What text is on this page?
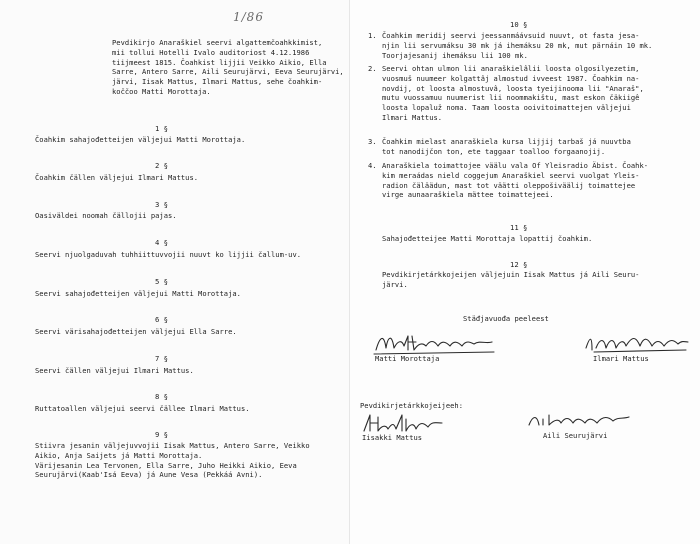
1/86
Pevdikirjo Anaraškiel seervi algattemčoahkkimist,
mii tollui Hotelli Ivalo auditoriost 4.12.1986
tiijmeest 1815. Čoahkist lijjii Veikko Aikio, Ella
Sarre, Antero Sarre, Aili Seurujärvi, Eeva Seurujärvi,
järvi, Iisak Mattus, Ilmari Mattus, sehe čoahkim-
koččoo Matti Morottaja.
1 §
Čoahkim sahajođetteijen väljejui Matti Morottaja.
2 §
Čoahkim čällen väljejui Ilmari Mattus.
3 §
Oasiväldei noomah čällojii pajas.
4 §
Seervi njuolgaduvah tuhhiittuvvojii nuuvt ko lijjii čallum-uv.
5 §
Seervi sahajođetteijen väljejui Matti Morottaja.
6 §
Seervi värisahajođetteijen väljejui Ella Sarre.
7 §
Seervi čällen väljejui Ilmari Mattus.
8 §
Ruttatoallen väljejui seervi čällee Ilmari Mattus.
9 §
Stiivra jesanin väljejuvvojii Iisak Mattus, Antero Sarre, Veikko
Aikio, Anja Saijets já Matti Morottaja.
Värijesanin Lea Tervonen, Ella Sarre, Juho Heikki Aikio, Eeva
Seurujärvi(Kaab'Isá Eeva) já Aune Vesa (Pekkáá Avni).
10 §
1. Čoahkim meridij seervi jeessanmáávsuid nuuvt, ot fasta jesa-
njin lii servumáksu 30 mk já ihemáksu 20 mk, mut pärnáin 10 mk.
Toorjajesanij ihemáksu lii 100 mk.
2. Seervi ohtan ulmon lii anaraškielâlii loosta olgosilyezetim,
vuosmuš nuumeer kolgattâj almostud ivveest 1987. Čoahkim na-
novdij, ot loosta almostuvâ, loosta tyeijinooma lii "Anaraš",
mutu vuossamuu nuumerist lii noommakištu, mast eskon čäkiigê
loosta lopaluž noma. Taam loosta ooivitoimattejen väljejui
Ilmari Mattus.
3. Čoahkim mielast anaraškiela kursa lijjij tarbaš já nuuvtba
tot nanodijčon ton, ete taggaar toalloo forgaanojij.
4. Anaraškiela toimattojee väälu vala Of Yleisradio Äbist. Čoahk-
kim meraádas nield coggejum Anaraškiel seervi vuolgat Yleis-
radion čäläädun, mast tot väätti oleppošiväälij toimattejee
virge aunaaraškiela mättee toimattejeei.
11 §
Sahajođetteijee Matti Morottaja lopattij čoahkim.
12 §
Pevdikirjetárkkojeijen väljejuin Iisak Mattus já Aili Seuru-
järvi.
Stäđjavuođa peeleest
Matti Morottaja	Ilmari Mattus
Pevdikirjetárkkojeijeeh:
Iisakki Mattus	Aili Seurujärvi
